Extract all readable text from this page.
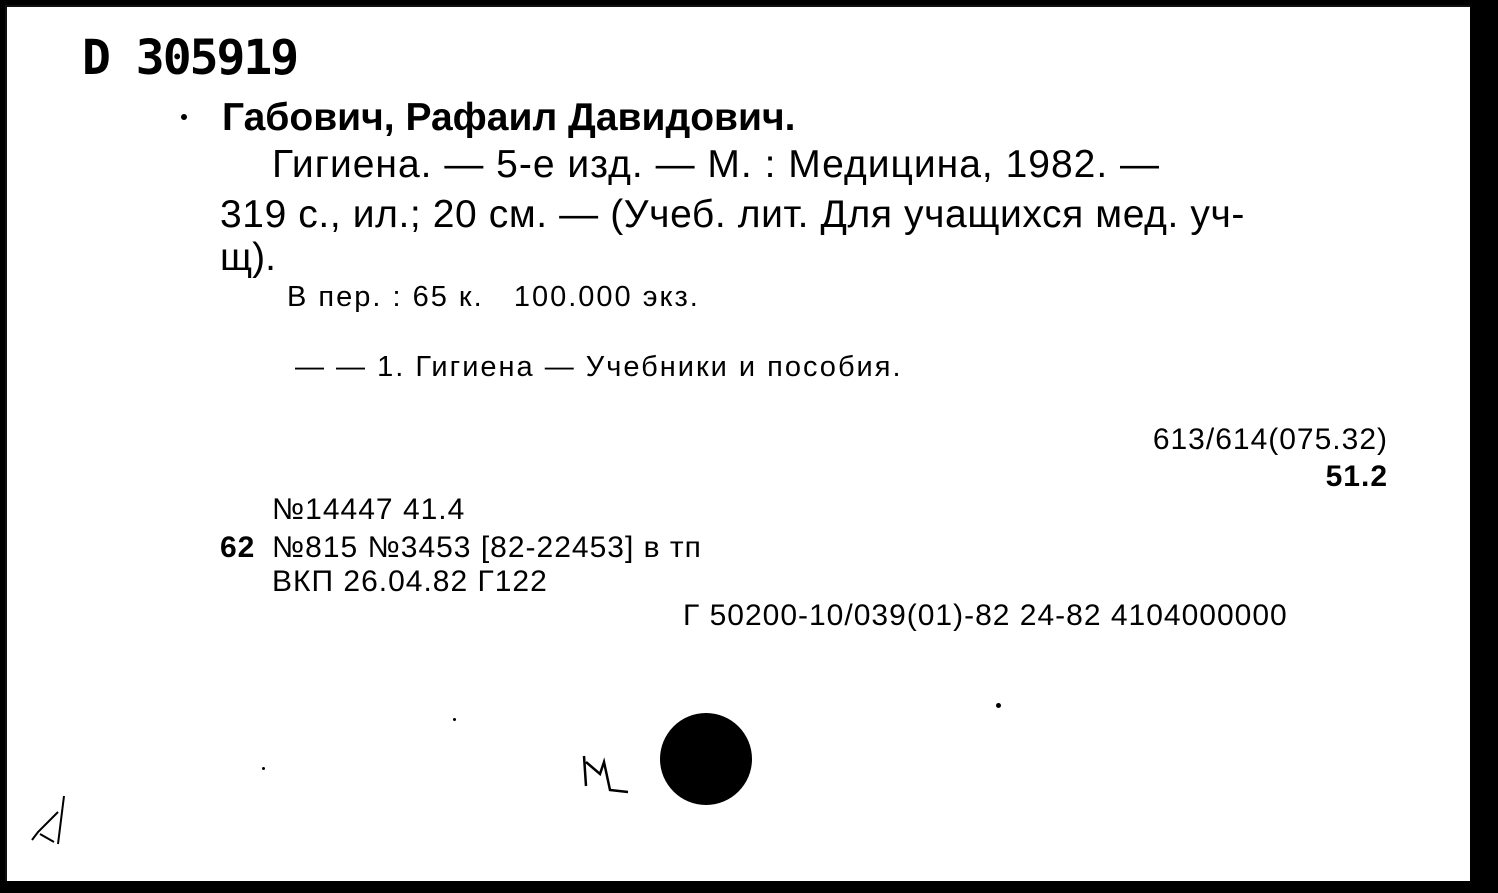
D 305919
Габович, Рафаил Давидович.
Гигиена. — 5-е изд. — М. : Медицина, 1982. —
319 с., ил.; 20 см. — (Учеб. лит. Для учащихся мед. уч-
щ).
В пер. : 65 к.   100.000 экз.
— — 1. Гигиена — Учебники и пособия.
613/614(075.32)
51.2
№14447 41.4
62 №815 №3453 [82-22453] в тп
ВКП 26.04.82 Г122
Г 50200-10/039(01)-82 24-82 4104000000
